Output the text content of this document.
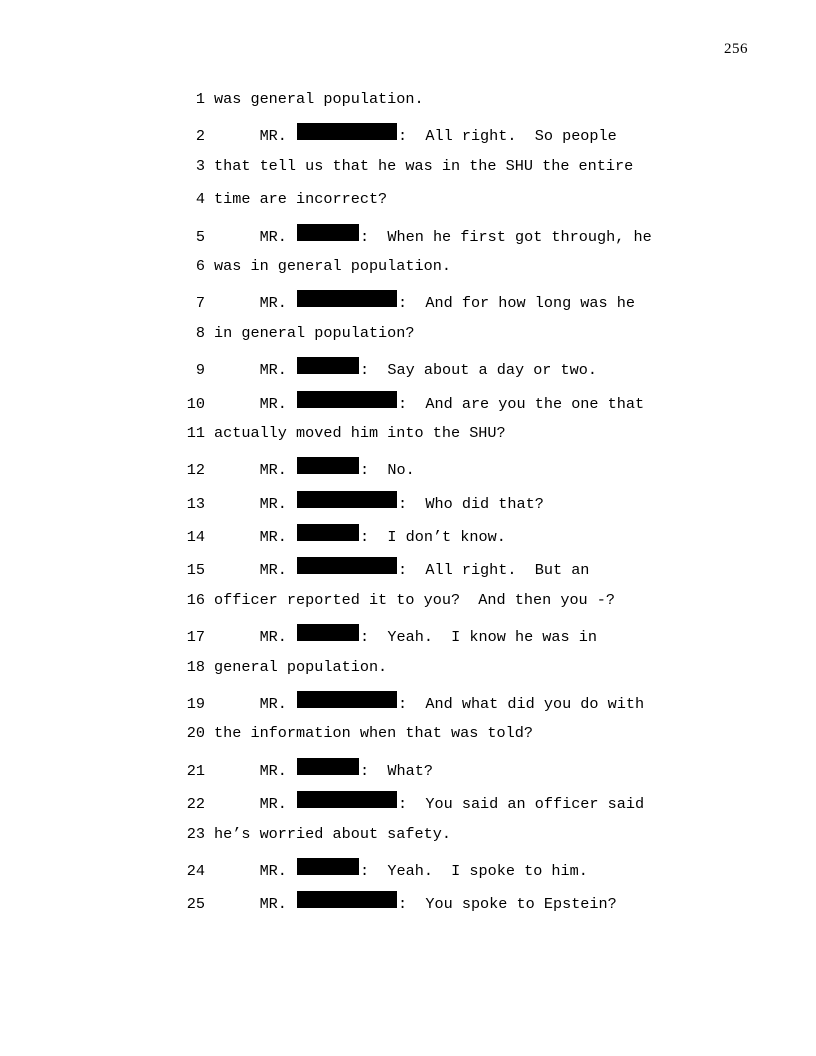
256
1 was general population.
2 MR.	:  All right.  So people
3 that tell us that he was in the SHU the entire
4 time are incorrect?
5 MR.	:  When he first got through, he
6 was in general population.
7 MR.	:  And for how long was he
8 in general population?
9 MR.	:  Say about a day or two.
10 MR.	:  And are you the one that
11 actually moved him into the SHU?
12 MR.	:  No.
13 MR.	:  Who did that?
14 MR.	:  I don’t know.
15 MR.	:  All right.  But an
16 officer reported it to you?  And then you -?
17 MR.	:  Yeah.  I know he was in
18 general population.
19 MR.	:  And what did you do with
20 the information when that was told?
21 MR.	:  What?
22 MR.	:  You said an officer said
23 he’s worried about safety.
24 MR.	:  Yeah.  I spoke to him.
25 MR.	:  You spoke to Epstein?
